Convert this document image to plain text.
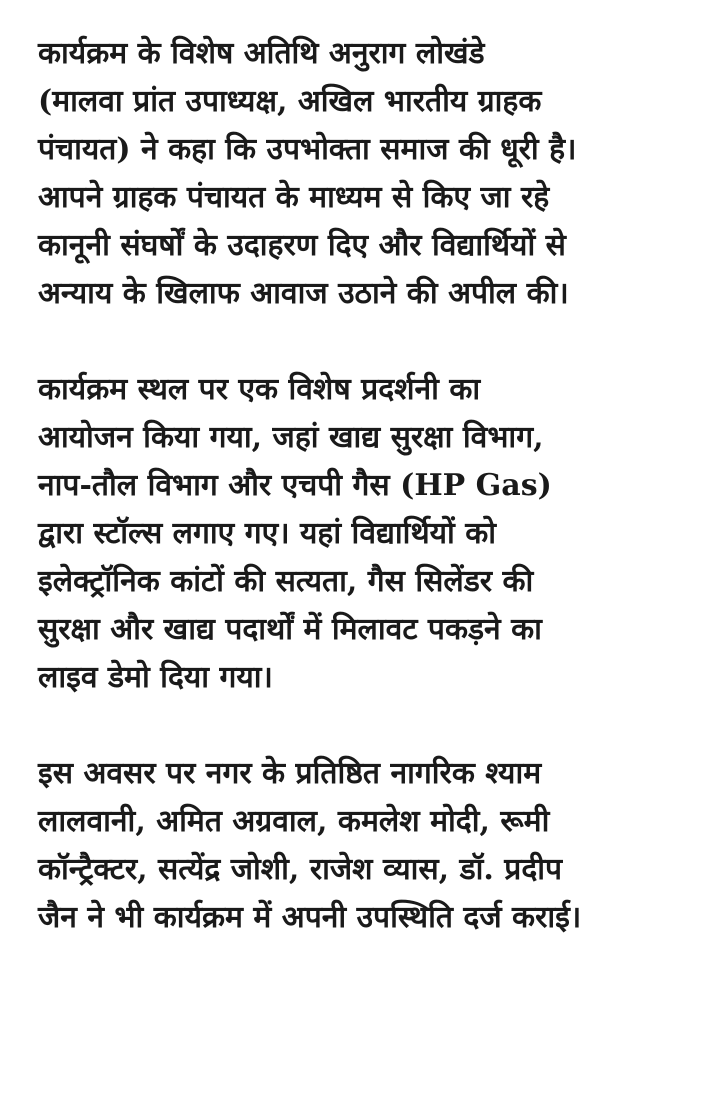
कार्यक्रम के विशेष अतिथि अनुराग लोखंडे
(मालवा प्रांत उपाध्यक्ष, अखिल भारतीय ग्राहक
पंचायत) ने कहा कि उपभोक्ता समाज की धूरी है।
आपने ग्राहक पंचायत के माध्यम से किए जा रहे
कानूनी संघर्षों के उदाहरण दिए और विद्यार्थियों से
अन्याय के खिलाफ आवाज उठाने की अपील की।

कार्यक्रम स्थल पर एक विशेष प्रदर्शनी का
आयोजन किया गया, जहां खाद्य सुरक्षा विभाग,
नाप-तौल विभाग और एचपी गैस (HP Gas)
द्वारा स्टॉल्स लगाए गए। यहां विद्यार्थियों को
इलेक्ट्रॉनिक कांटों की सत्यता, गैस सिलेंडर की
सुरक्षा और खाद्य पदार्थों में मिलावट पकड़ने का
लाइव डेमो दिया गया।

इस अवसर पर नगर के प्रतिष्ठित नागरिक श्याम
लालवानी, अमित अग्रवाल, कमलेश मोदी, रूमी
कॉन्ट्रैक्टर, सत्येंद्र जोशी, राजेश व्यास, डॉ. प्रदीप
जैन ने भी कार्यक्रम में अपनी उपस्थिति दर्ज कराई।
